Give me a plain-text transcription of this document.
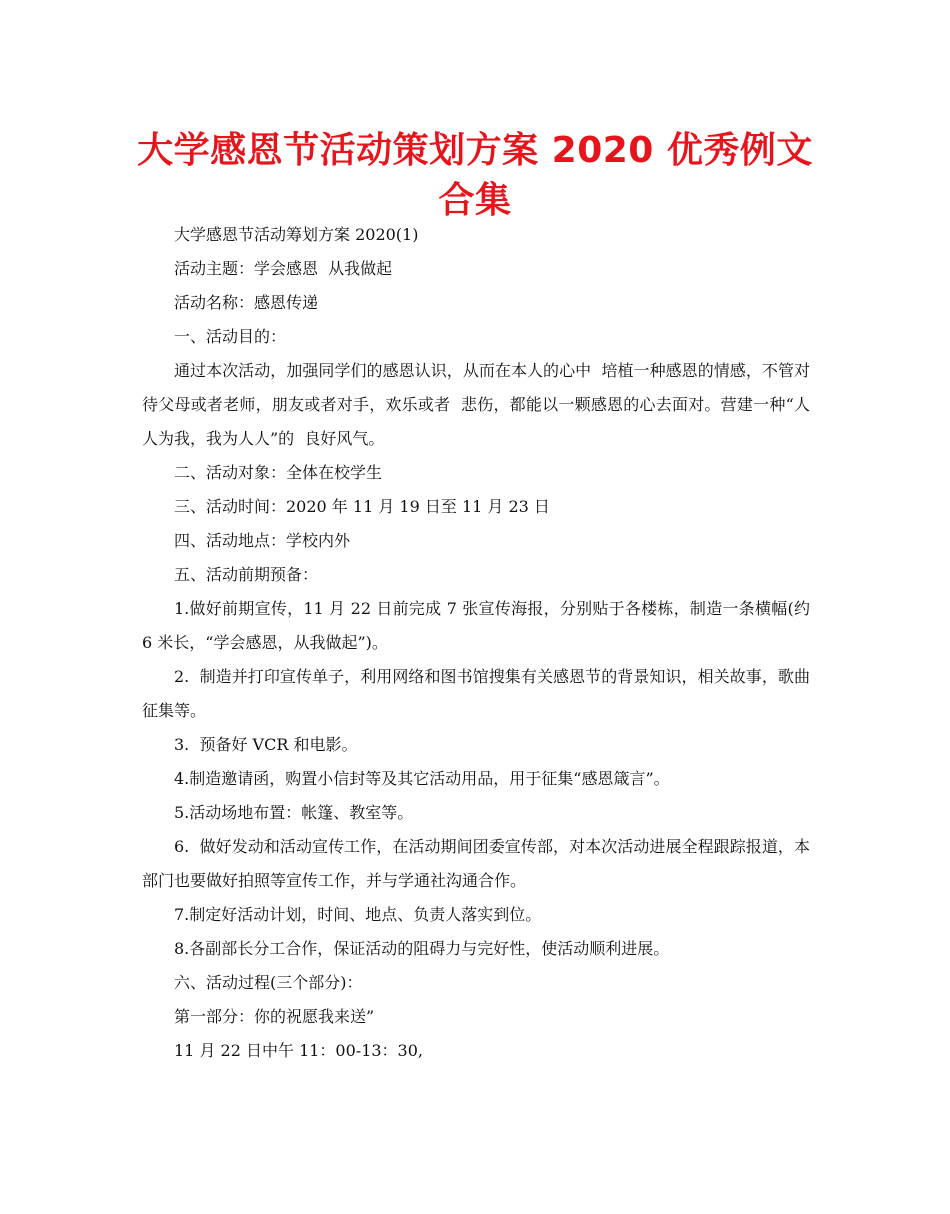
大学感恩节活动策划方案 2020 优秀例文合集

大学感恩节活动筹划方案 2020(1)

活动主题：学会感恩  从我做起

活动名称：感恩传递

一、活动目的：

通过本次活动，加强同学们的感恩认识，从而在本人的心中  培植一种感恩的情感，不管对待父母或者老师，朋友或者对手，欢乐或者  悲伤，都能以一颗感恩的心去面对。营建一种“人人为我，我为人人”的  良好风气。

二、活动对象：全体在校学生

三、活动时间：2020 年 11 月 19 日至 11 月 23 日

四、活动地点：学校内外

五、活动前期预备：

1.做好前期宣传，11 月 22 日前完成 7 张宣传海报，分别贴于各楼栋，制造一条横幅(约 6 米长，“学会感恩，从我做起”)。

2.  制造并打印宣传单子，利用网络和图书馆搜集有关感恩节的背景知识，相关故事，歌曲征集等。

3.  预备好 VCR 和电影。

4.制造邀请函，购置小信封等及其它活动用品，用于征集“感恩箴言”。

5.活动场地布置：帐篷、教室等。

6.  做好发动和活动宣传工作，在活动期间团委宣传部，对本次活动进展全程跟踪报道，本部门也要做好拍照等宣传工作，并与学通社沟通合作。

7.制定好活动计划，时间、地点、负责人落实到位。

8.各副部长分工合作，保证活动的阻碍力与完好性，使活动顺利进展。

六、活动过程(三个部分)：

第一部分：你的祝愿我来送”

11 月 22 日中午 11：00-13：30,
